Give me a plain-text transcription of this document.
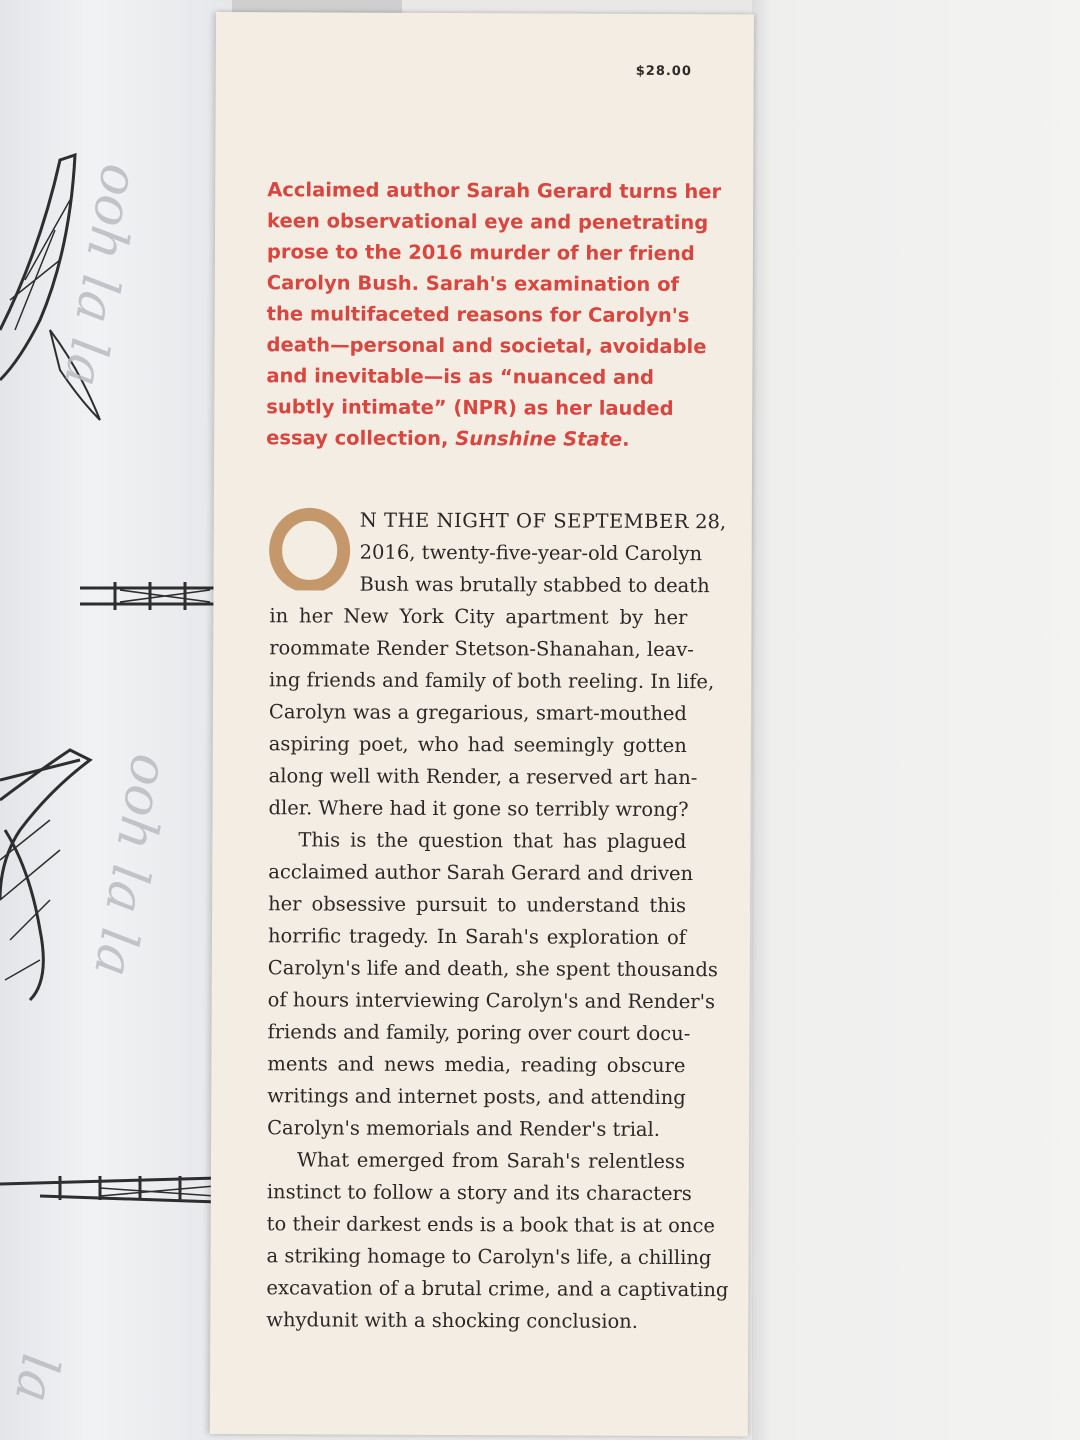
ooh la la
ooh la la
la
$28.00

Acclaimed author Sarah Gerard turns her
keen observational eye and penetrating
prose to the 2016 murder of her friend
Carolyn Bush. Sarah's examination of
the multifaceted reasons for Carolyn's
death—personal and societal, avoidable
and inevitable—is as “nuanced and
subtly intimate” (NPR) as her lauded
essay collection, Sunshine State.

N THE NIGHT OF SEPTEMBER 28,
2016, twenty-five-year-old Carolyn
Bush was brutally stabbed to death
in her New York City apartment by her
roommate Render Stetson-Shanahan, leav-
ing friends and family of both reeling. In life,
Carolyn was a gregarious, smart-mouthed
aspiring poet, who had seemingly gotten
along well with Render, a reserved art han-
dler. Where had it gone so terribly wrong?
This is the question that has plagued
acclaimed author Sarah Gerard and driven
her obsessive pursuit to understand this
horrific tragedy. In Sarah's exploration of
Carolyn's life and death, she spent thousands
of hours interviewing Carolyn's and Render's
friends and family, poring over court docu-
ments and news media, reading obscure
writings and internet posts, and attending
Carolyn's memorials and Render's trial.
What emerged from Sarah's relentless
instinct to follow a story and its characters
to their darkest ends is a book that is at once
a striking homage to Carolyn's life, a chilling
excavation of a brutal crime, and a captivating
whydunit with a shocking conclusion.
